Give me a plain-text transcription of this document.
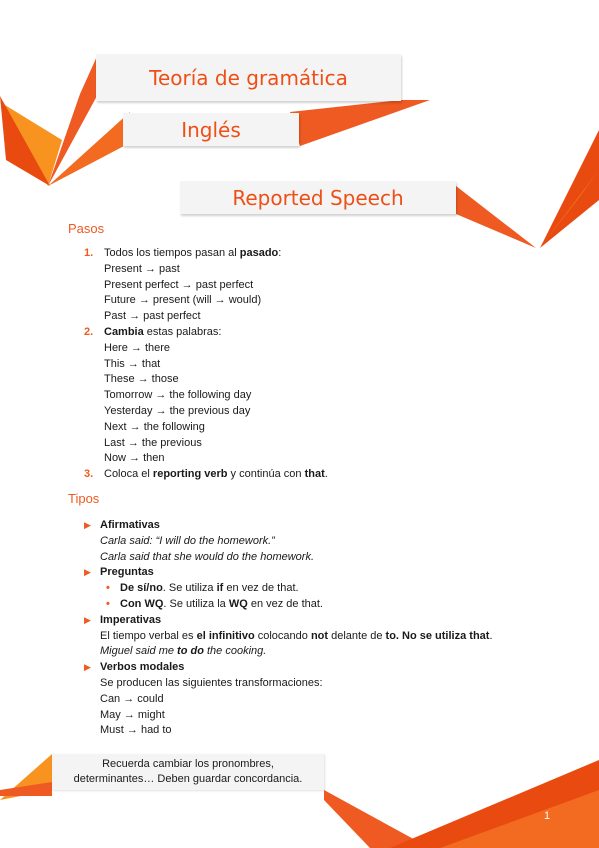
Teoría de gramática
Inglés
Reported Speech
Pasos
1. Todos los tiempos pasan al pasado:
Present → past
Present perfect → past perfect
Future → present (will → would)
Past → past perfect
2. Cambia estas palabras:
Here → there
This → that
These → those
Tomorrow → the following day
Yesterday → the previous day
Next → the following
Last → the previous
Now → then
3. Coloca el reporting verb y continúa con that.
Tipos
▶ Afirmativas
Carla said: “I will do the homework.”
Carla said that she would do the homework.
▶ Preguntas
• De sí/no. Se utiliza if en vez de that.
• Con WQ. Se utiliza la WQ en vez de that.
▶ Imperativas
El tiempo verbal es el infinitivo colocando not delante de to. No se utiliza that.
Miguel said me to do the cooking.
▶ Verbos modales
Se producen las siguientes transformaciones:
Can → could
May → might
Must → had to
Recuerda cambiar los pronombres,
determinantes… Deben guardar concordancia.
1
